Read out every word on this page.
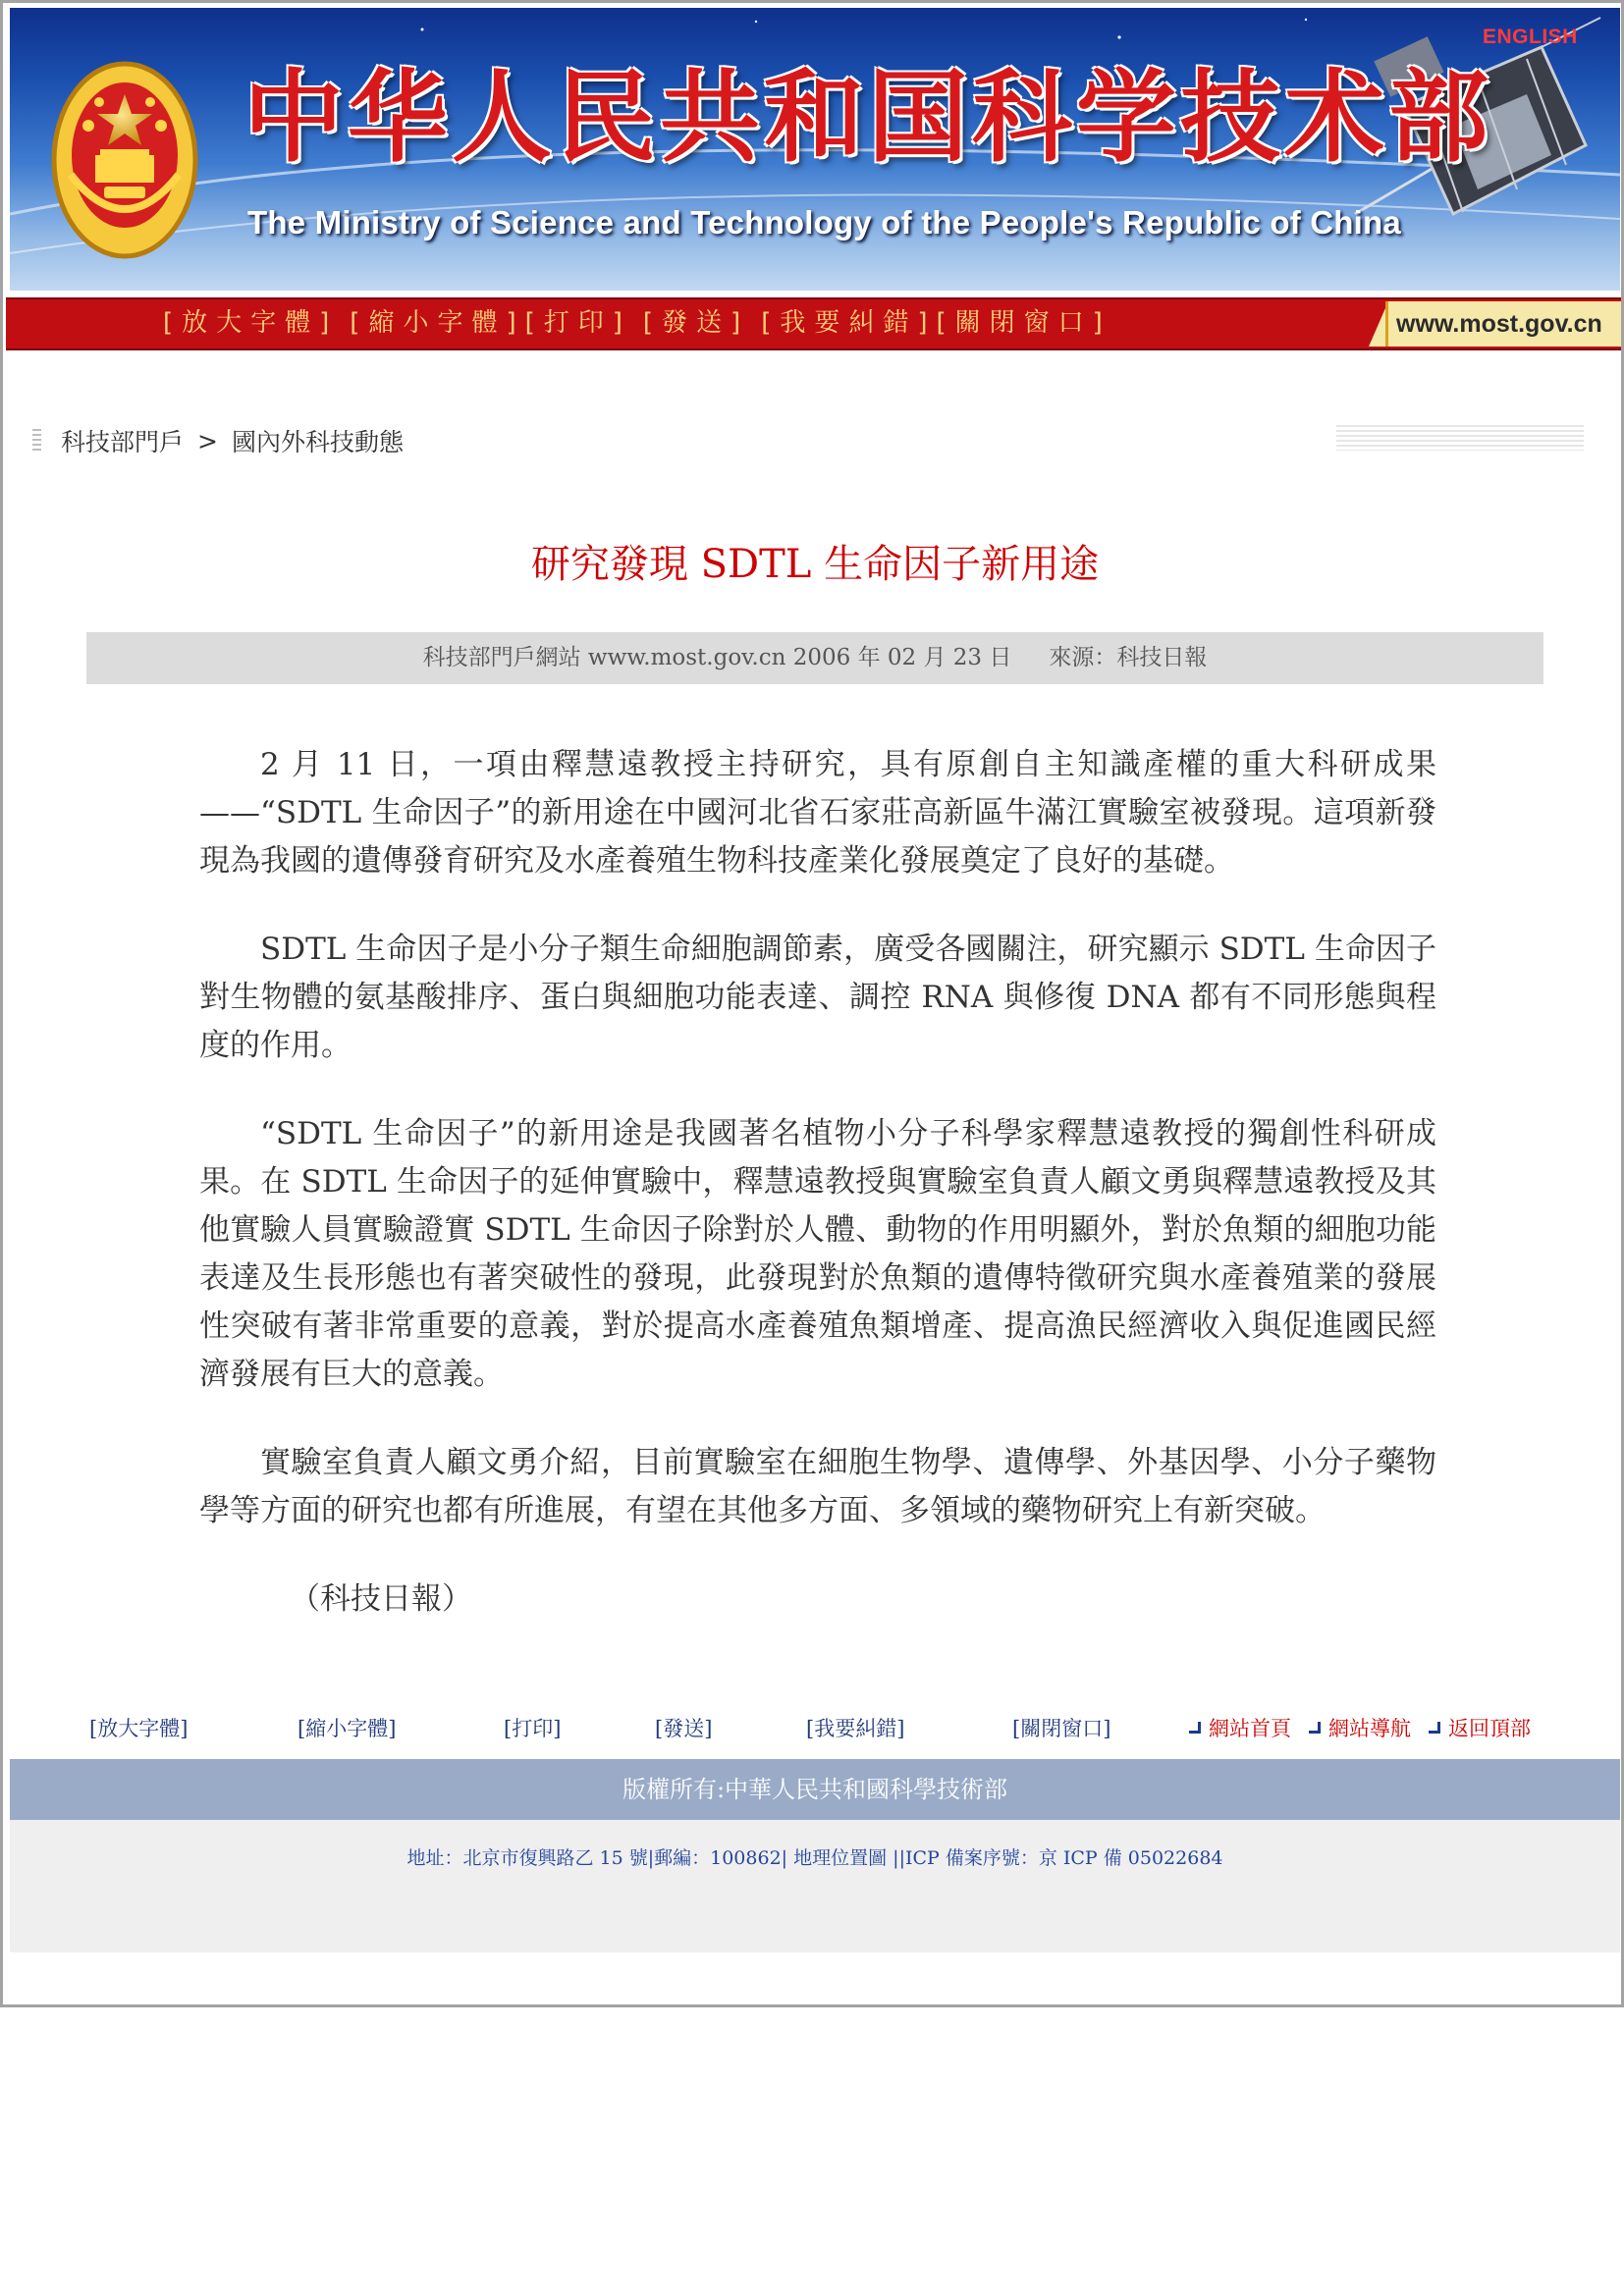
中华人民共和国科学技术部
The Ministry of Science and Technology of the People's Republic of China
ENGLISH
[放大字體] [縮小字體] [打印] [發送] [我要糾錯] [關閉窗口]	www.most.gov.cn
科技部門戶 > 國內外科技動態
研究發現 SDTL 生命因子新用途
科技部門戶網站 www.most.gov.cn 2006 年 02 月 23 日 來源：科技日報

2 月 11 日，一項由釋慧遠教授主持研究，具有原創自主知識產權的重大科研成果——“SDTL 生命因子”的新用途在中國河北省石家莊高新區牛滿江實驗室被發現。這項新發現為我國的遺傳發育研究及水產養殖生物科技產業化發展奠定了良好的基礎。

SDTL 生命因子是小分子類生命細胞調節素，廣受各國關注，研究顯示 SDTL 生命因子對生物體的氨基酸排序、蛋白與細胞功能表達、調控 RNA 與修復 DNA 都有不同形態與程度的作用。

“SDTL 生命因子”的新用途是我國著名植物小分子科學家釋慧遠教授的獨創性科研成果。在 SDTL 生命因子的延伸實驗中，釋慧遠教授與實驗室負責人顧文勇與釋慧遠教授及其他實驗人員實驗證實 SDTL 生命因子除對於人體、動物的作用明顯外，對於魚類的細胞功能表達及生長形態也有著突破性的發現，此發現對於魚類的遺傳特徵研究與水產養殖業的發展性突破有著非常重要的意義，對於提高水產養殖魚類增產、提高漁民經濟收入與促進國民經濟發展有巨大的意義。

實驗室負責人顧文勇介紹，目前實驗室在細胞生物學、遺傳學、外基因學、小分子藥物學等方面的研究也都有所進展，有望在其他多方面、多領域的藥物研究上有新突破。

（科技日報）

[放大字體]	[縮小字體]	[打印]	[發送]	[我要糾錯]	[關閉窗口]	網站首頁	網站導航	返回頂部
版權所有:中華人民共和國科學技術部
地址：北京市復興路乙 15 號|郵編：100862| 地理位置圖 ||ICP 備案序號：京 ICP 備 05022684
